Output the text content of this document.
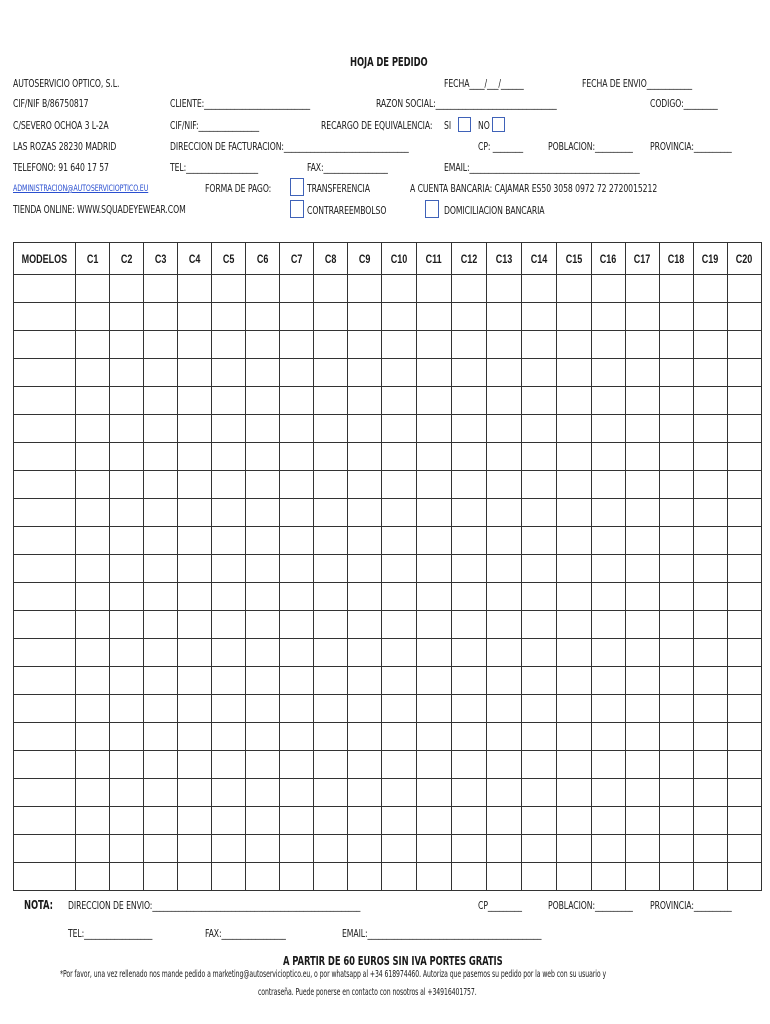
HOJA DE PEDIDO
AUTOSERVICIO OPTICO, S.L.
CIF/NIF B/86750817
C/SEVERO OCHOA 3 L-2A
LAS ROZAS 28230 MADRID
TELEFONO: 91 640 17 57
ADMINISTRACION@AUTOSERVICIOPTICO.EU
TIENDA ONLINE: WWW.SQUADEYEWEAR.COM
FECHA____/___/______	FECHA DE ENVIO____________
CLIENTE:____________________________	RAZON SOCIAL:________________________________	CODIGO:_________
CIF/NIF:________________	RECARGO DE EQUIVALENCIA: SI NO
DIRECCION DE FACTURACION:_________________________________	CP: ________ POBLACION:__________ PROVINCIA:__________
TEL:___________________	FAX:_________________	EMAIL:_____________________________________________
FORMA DE PAGO:	TRANSFERENCIA	A CUENTA BANCARIA: CAJAMAR ES50 3058 0972 72 2720015212
CONTRAREEMBOLSO	DOMICILIACION BANCARIA
MODELOS	C1	C2	C3	C4	C5	C6	C7	C8	C9	C10	C11	C12	C13	C14	C15	C16	C17	C18	C19	C20

NOTA: DIRECCION DE ENVIO:_______________________________________________________	CP_________ POBLACION:__________ PROVINCIA:__________
TEL:__________________	FAX:_________________	EMAIL:______________________________________________
A PARTIR DE 60 EUROS SIN IVA PORTES GRATIS
*Por favor, una vez rellenado nos mande pedido a marketing@autoservicioptico.eu, o por whatsapp al +34 618974460. Autoriza que pasemos su pedido por la web con su usuario y
contraseña. Puede ponerse en contacto con nosotros al +34916401757.
